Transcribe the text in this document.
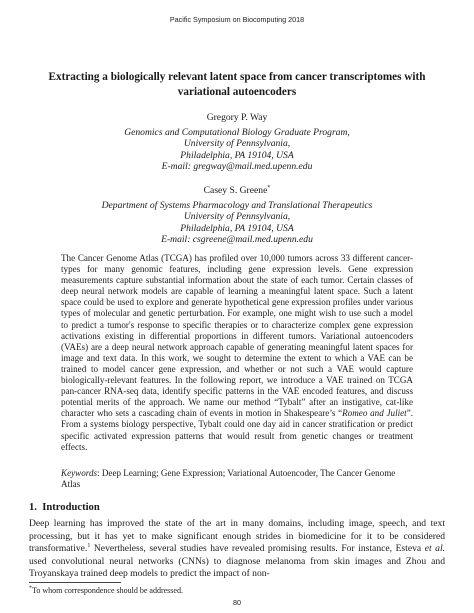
Pacific Symposium on Biocomputing 2018
Extracting a biologically relevant latent space from cancer transcriptomes with
variational autoencoders
Gregory P. Way
Genomics and Computational Biology Graduate Program,
University of Pennsylvania,
Philadelphia, PA 19104, USA
E-mail: gregway@mail.med.upenn.edu
Casey S. Greene*
Department of Systems Pharmacology and Translational Therapeutics
University of Pennsylvania,
Philadelphia, PA 19104, USA
E-mail: csgreene@mail.med.upenn.edu

The Cancer Genome Atlas (TCGA) has profiled over 10,000 tumors across 33 different cancer-types for many genomic features, including gene expression levels. Gene expression measurements capture substantial information about the state of each tumor. Certain classes of deep neural network models are capable of learning a meaningful latent space. Such a latent space could be used to explore and generate hypothetical gene expression profiles under various types of molecular and genetic perturbation. For example, one might wish to use such a model to predict a tumor's response to specific therapies or to characterize complex gene expression activations existing in differential proportions in different tumors. Variational autoencoders (VAEs) are a deep neural network approach capable of generating meaningful latent spaces for image and text data. In this work, we sought to determine the extent to which a VAE can be trained to model cancer gene expression, and whether or not such a VAE would capture biologically-relevant features. In the following report, we introduce a VAE trained on TCGA pan-cancer RNA-seq data, identify specific patterns in the VAE encoded features, and discuss potential merits of the approach. We name our method “Tybalt” after an instigative, cat-like character who sets a cascading chain of events in motion in Shakespeare’s “Romeo and Juliet”. From a systems biology perspective, Tybalt could one day aid in cancer stratification or predict specific activated expression patterns that would result from genetic changes or treatment effects.

Keywords: Deep Learning; Gene Expression; Variational Autoencoder, The Cancer Genome Atlas
1. Introduction

Deep learning has improved the state of the art in many domains, including image, speech, and text processing, but it has yet to make significant enough strides in biomedicine for it to be considered transformative.$^1$ Nevertheless, several studies have revealed promising results. For instance, Esteva et al. used convolutional neural networks (CNNs) to diagnose melanoma from skin images and Zhou and Troyanskaya trained deep models to predict the impact of non-

*To whom correspondence should be addressed.
80
